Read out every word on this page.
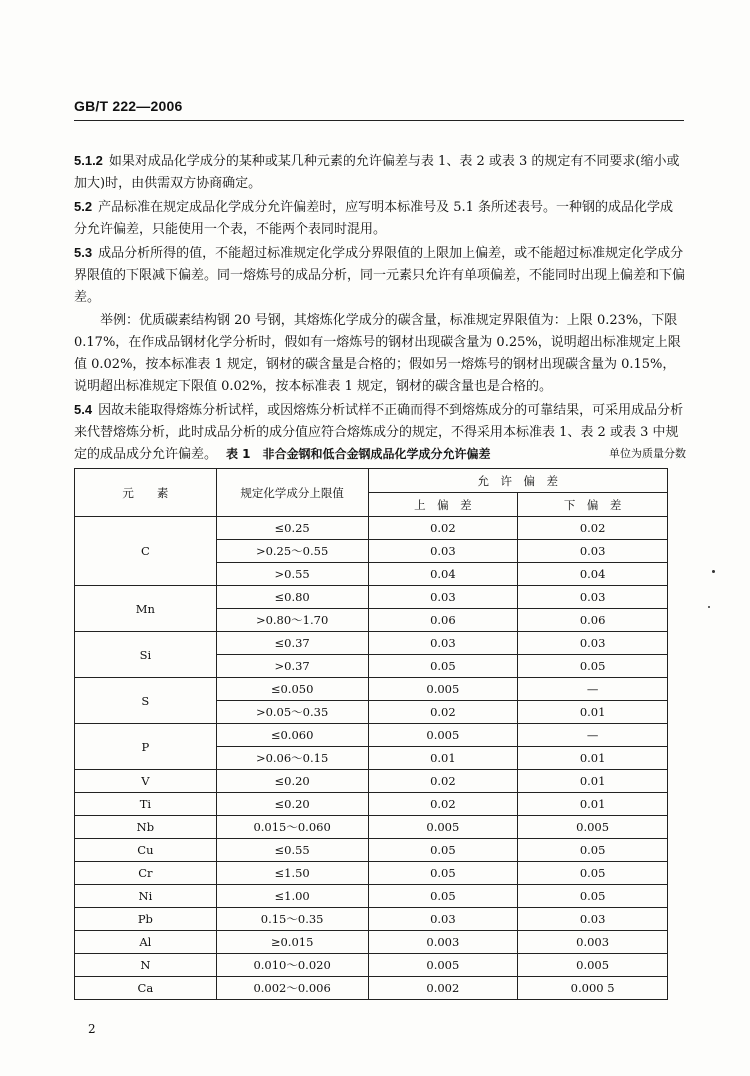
GB/T 222—2006

5.1.2 如果对成品化学成分的某种或某几种元素的允许偏差与表 1、表 2 或表 3 的规定有不同要求(缩小或加大)时，由供需双方协商确定。

5.2 产品标准在规定成品化学成分允许偏差时，应写明本标准号及 5.1 条所述表号。一种钢的成品化学成分允许偏差，只能使用一个表，不能两个表同时混用。

5.3 成品分析所得的值，不能超过标准规定化学成分界限值的上限加上偏差，或不能超过标准规定化学成分界限值的下限减下偏差。同一熔炼号的成品分析，同一元素只允许有单项偏差，不能同时出现上偏差和下偏差。

举例：优质碳素结构钢 20 号钢，其熔炼化学成分的碳含量，标准规定界限值为：上限 0.23%，下限 0.17%，在作成品钢材化学分析时，假如有一熔炼号的钢材出现碳含量为 0.25%，说明超出标准规定上限值 0.02%，按本标准表 1 规定，钢材的碳含量是合格的；假如另一熔炼号的钢材出现碳含量为 0.15%，说明超出标准规定下限值 0.02%，按本标准表 1 规定，钢材的碳含量也是合格的。

5.4 因故未能取得熔炼分析试样，或因熔炼分析试样不正确而得不到熔炼成分的可靠结果，可采用成品分析来代替熔炼分析，此时成品分析的成分值应符合熔炼成分的规定，不得采用本标准表 1、表 2 或表 3 中规定的成品成分允许偏差。 表 1　非合金钢和低合金钢成品化学成分允许偏差	单位为质量分数
元　　素	规定化学成分上限值	允　许　偏　差	
		上　偏　差	下　偏　差
C	≤0.25	0.02	0.02
	>0.25～0.55	0.03	0.03
	>0.55	0.04	0.04
Mn	≤0.80	0.03	0.03
	>0.80～1.70	0.06	0.06
Si	≤0.37	0.03	0.03
	>0.37	0.05	0.05
S	≤0.050	0.005	—
	>0.05～0.35	0.02	0.01
P	≤0.060	0.005	—
	>0.06～0.15	0.01	0.01
V	≤0.20	0.02	0.01
Ti	≤0.20	0.02	0.01
Nb	0.015～0.060	0.005	0.005
Cu	≤0.55	0.05	0.05
Cr	≤1.50	0.05	0.05
Ni	≤1.00	0.05	0.05
Pb	0.15～0.35	0.03	0.03
Al	≥0.015	0.003	0.003
N	0.010～0.020	0.005	0.005
Ca	0.002～0.006	0.002	0.000 5
2
